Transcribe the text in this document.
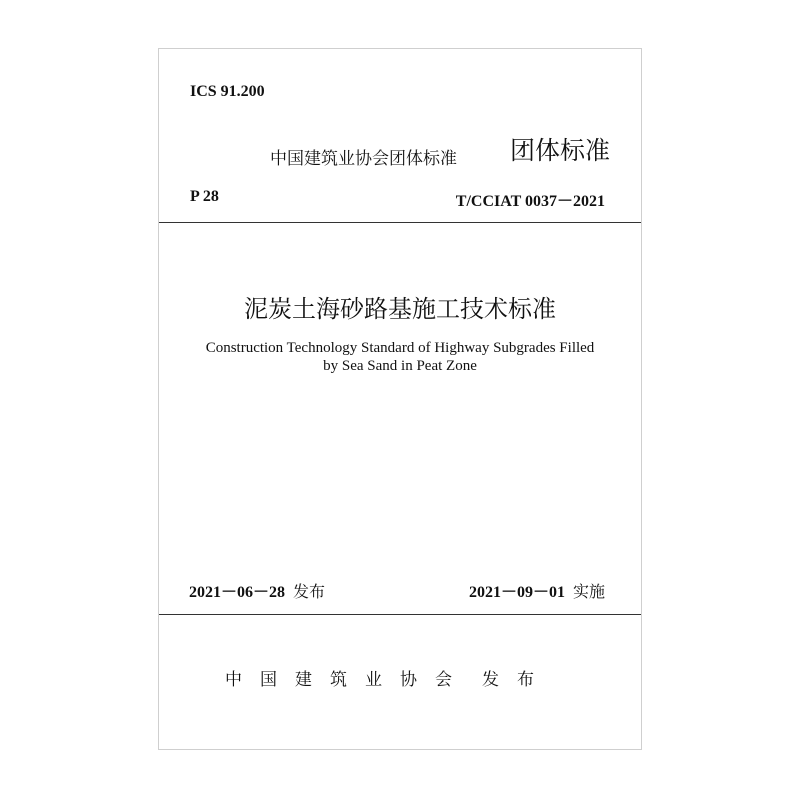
ICS 91.200
中国建筑业协会团体标准 团体标准
P 28	T/CCIAT 0037－2021
泥炭土海砂路基施工技术标准
Construction Technology Standard of Highway Subgrades Filled
by Sea Sand in Peat Zone
2021－06－28 发布	2021－09－01 实施
中国建筑业协会 发布
